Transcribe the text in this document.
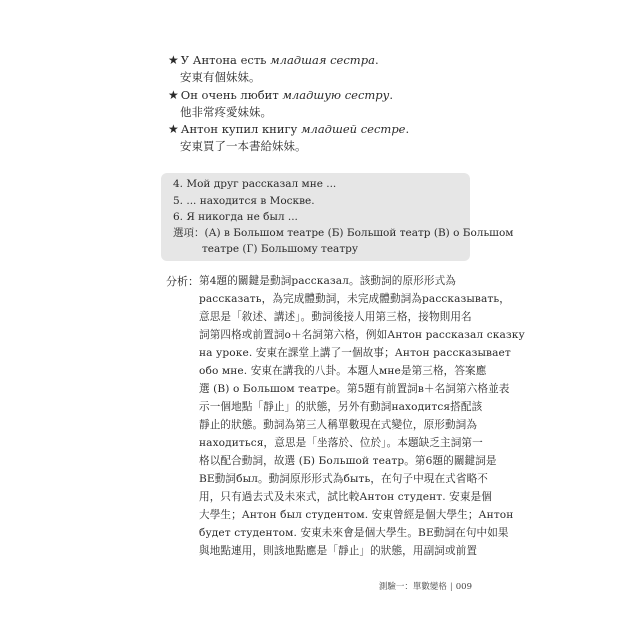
★ У Антона есть младшая сестра.
安東有個妹妹。
★ Он очень любит младшую сестру.
他非常疼愛妹妹。
★ Антон купил книгу младшей сестре.
安東買了一本書給妹妹。
4. Мой друг рассказал мне ...
5. ... находится в Москве.
6. Я никогда не был ...
選項：(А) в Большом театре (Б) Большой театр (В) о Большом
театре (Г) Большому театру
分析： 第4題的關鍵是動詞рассказал。該動詞的原形形式為
рассказать，為完成體動詞，未完成體動詞為рассказывать，
意思是「敘述、講述」。動詞後接人用第三格，接物則用名
詞第四格或前置詞о＋名詞第六格，例如Антон рассказал сказку
на уроке. 安東在課堂上講了一個故事；Антон рассказывает
обо мне. 安東在講我的八卦。本題人мне是第三格，答案應
選 (В) о Большом театре。第5題有前置詞в＋名詞第六格並表
示一個地點「靜止」的狀態，另外有動詞находится搭配該
靜止的狀態。動詞為第三人稱單數現在式變位，原形動詞為
находиться，意思是「坐落於、位於」。本題缺乏主詞第一
格以配合動詞，故選 (Б) Большой театр。第6題的關鍵詞是
BE動詞был。動詞原形形式為быть，在句子中現在式省略不
用，只有過去式及未來式，試比較Антон студент. 安東是個
大學生；Антон был студентом. 安東曾經是個大學生；Антон
будет студентом. 安東未來會是個大學生。BE動詞在句中如果
與地點連用，則該地點應是「靜止」的狀態，用副詞或前置
測驗一：單數變格 | 009
